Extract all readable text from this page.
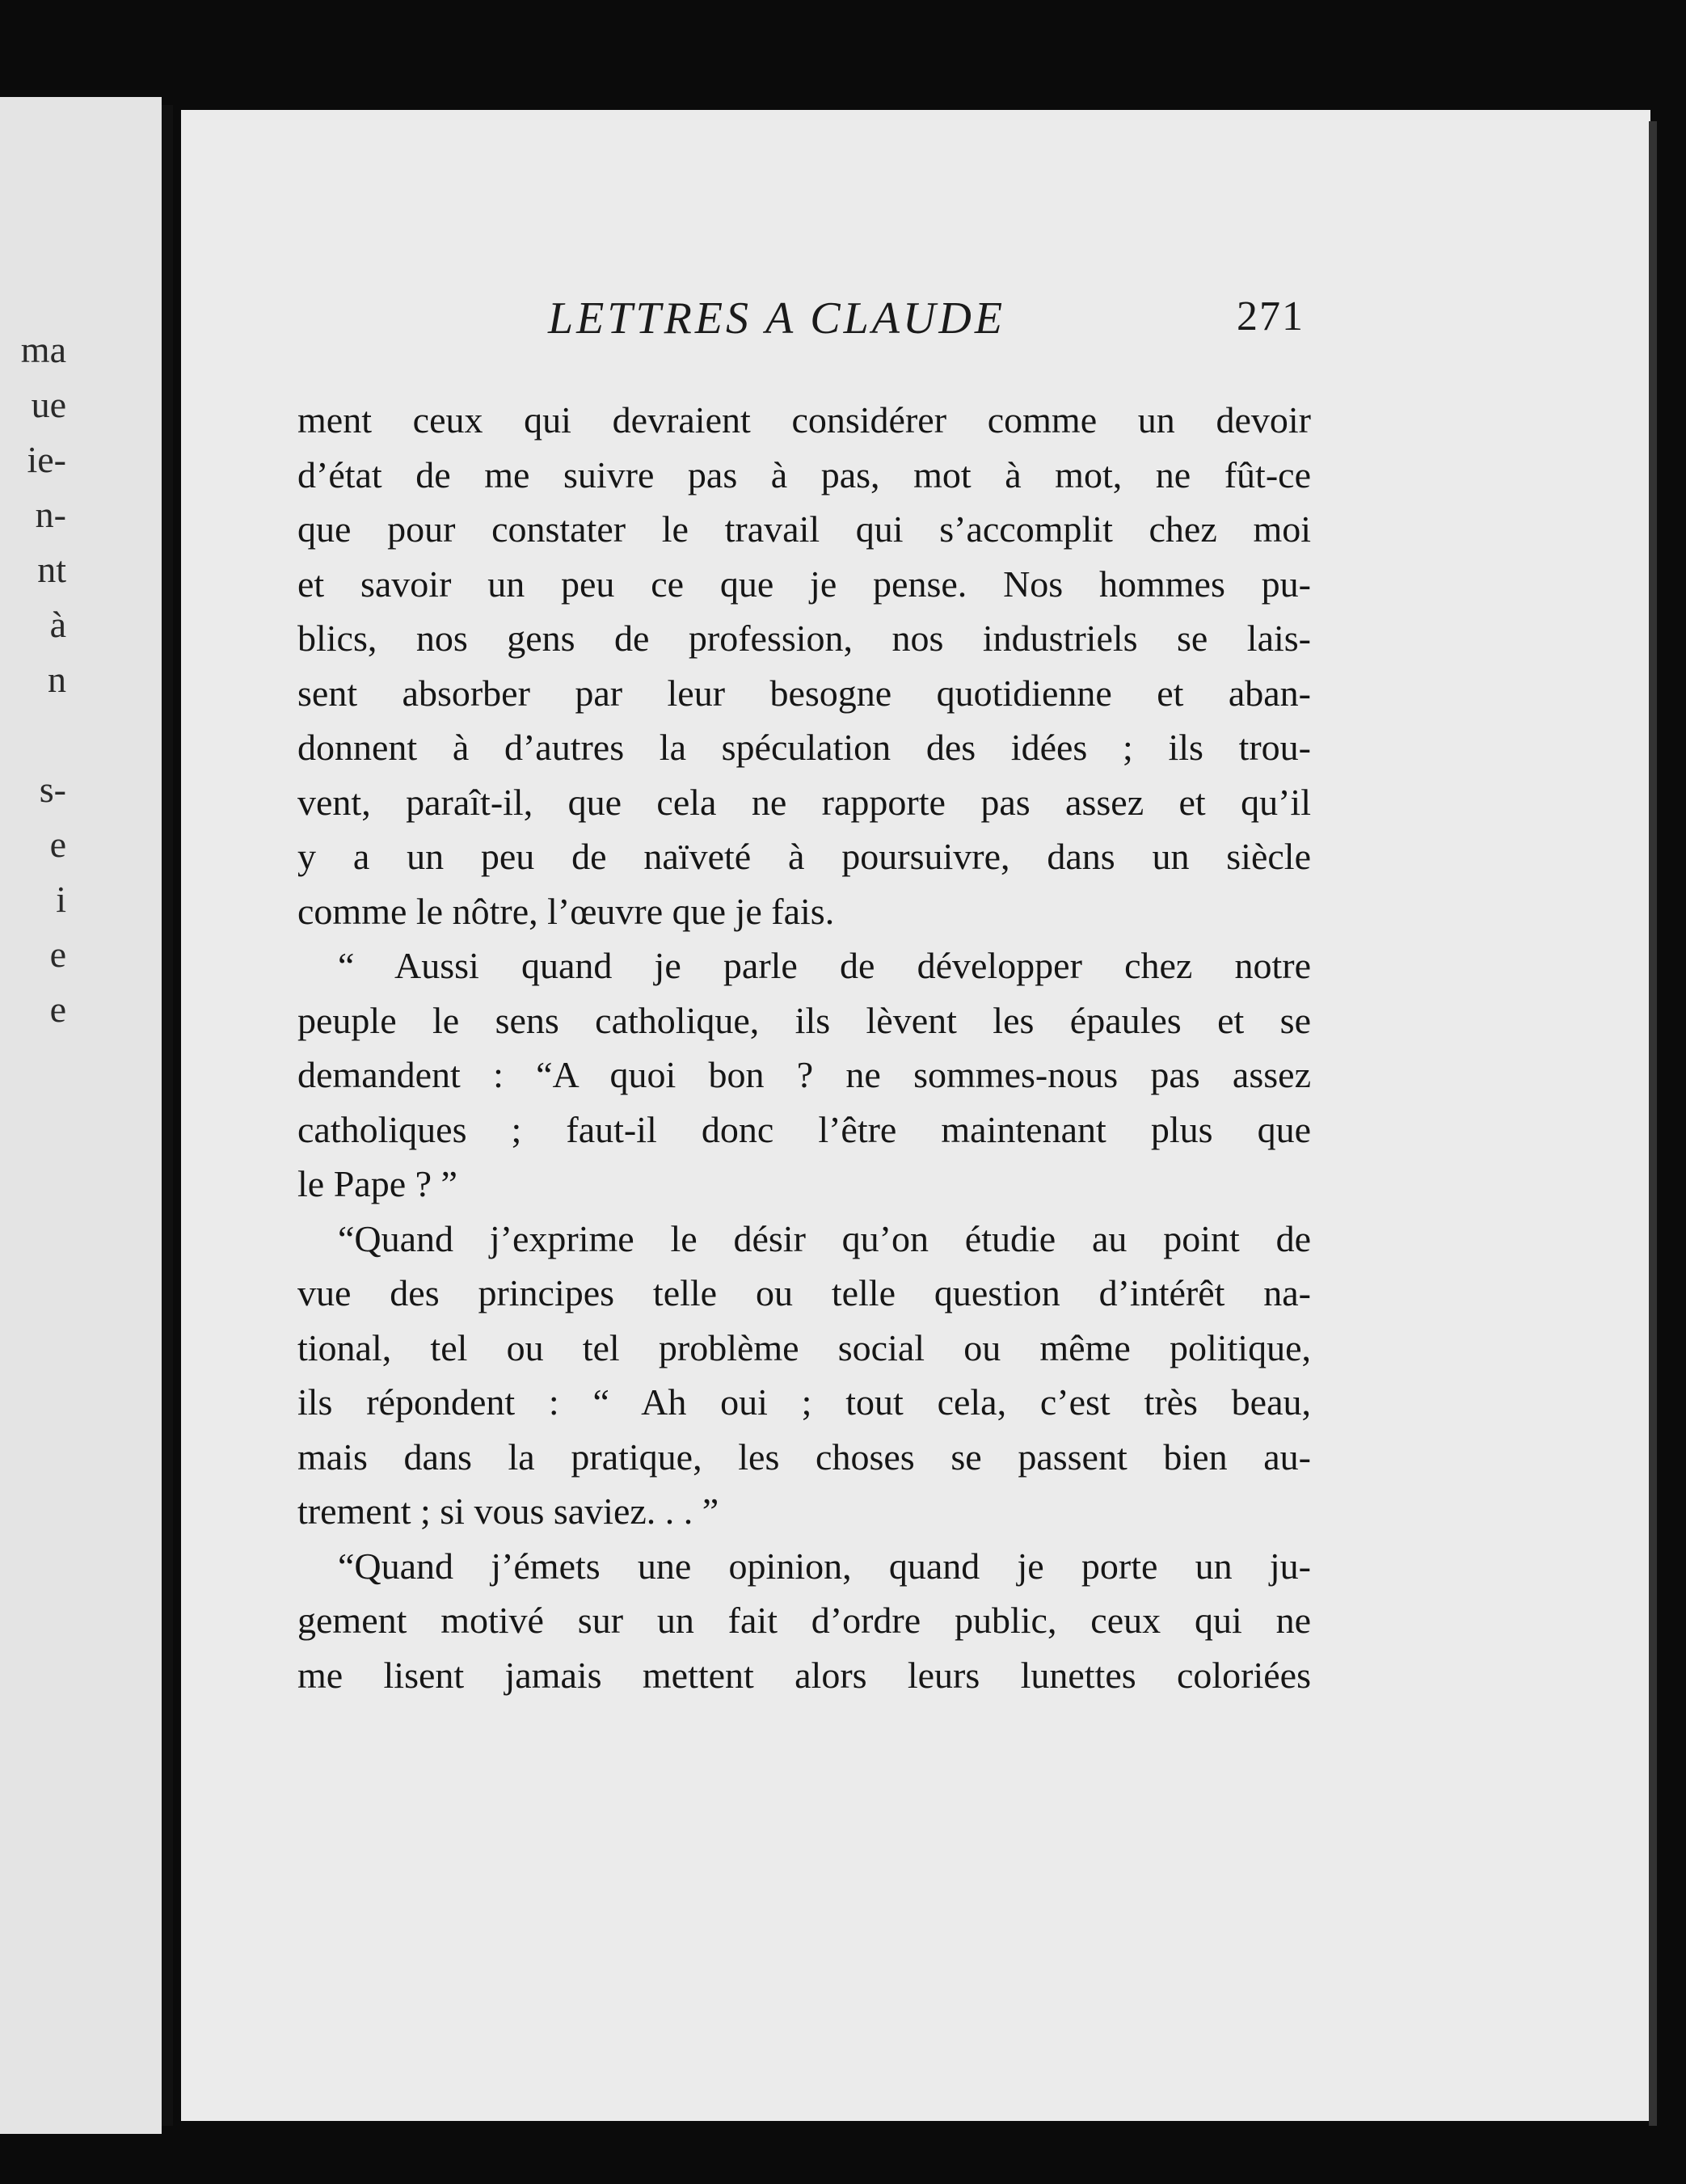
ma
ue
ie-
n-
nt
à
n
s-
e
i
e
e
LETTRES A CLAUDE	271
ment ceux qui devraient considérer comme un devoir
d’état de me suivre pas à pas, mot à mot, ne fût-ce
que pour constater le travail qui s’accomplit chez moi
et savoir un peu ce que je pense. Nos hommes pu-
blics, nos gens de profession, nos industriels se lais-
sent absorber par leur besogne quotidienne et aban-
donnent à d’autres la spéculation des idées ; ils trou-
vent, paraît-il, que cela ne rapporte pas assez et qu’il
y a un peu de naïveté à poursuivre, dans un siècle
comme le nôtre, l’œuvre que je fais.
“ Aussi quand je parle de développer chez notre
peuple le sens catholique, ils lèvent les épaules et se
demandent : “A quoi bon ? ne sommes-nous pas assez
catholiques ; faut-il donc l’être maintenant plus que
le Pape ? ”
“Quand j’exprime le désir qu’on étudie au point de
vue des principes telle ou telle question d’intérêt na-
tional, tel ou tel problème social ou même politique,
ils répondent : “ Ah oui ; tout cela, c’est très beau,
mais dans la pratique, les choses se passent bien au-
trement ; si vous saviez. . . ”
“Quand j’émets une opinion, quand je porte un ju-
gement motivé sur un fait d’ordre public, ceux qui ne
me lisent jamais mettent alors leurs lunettes coloriées
